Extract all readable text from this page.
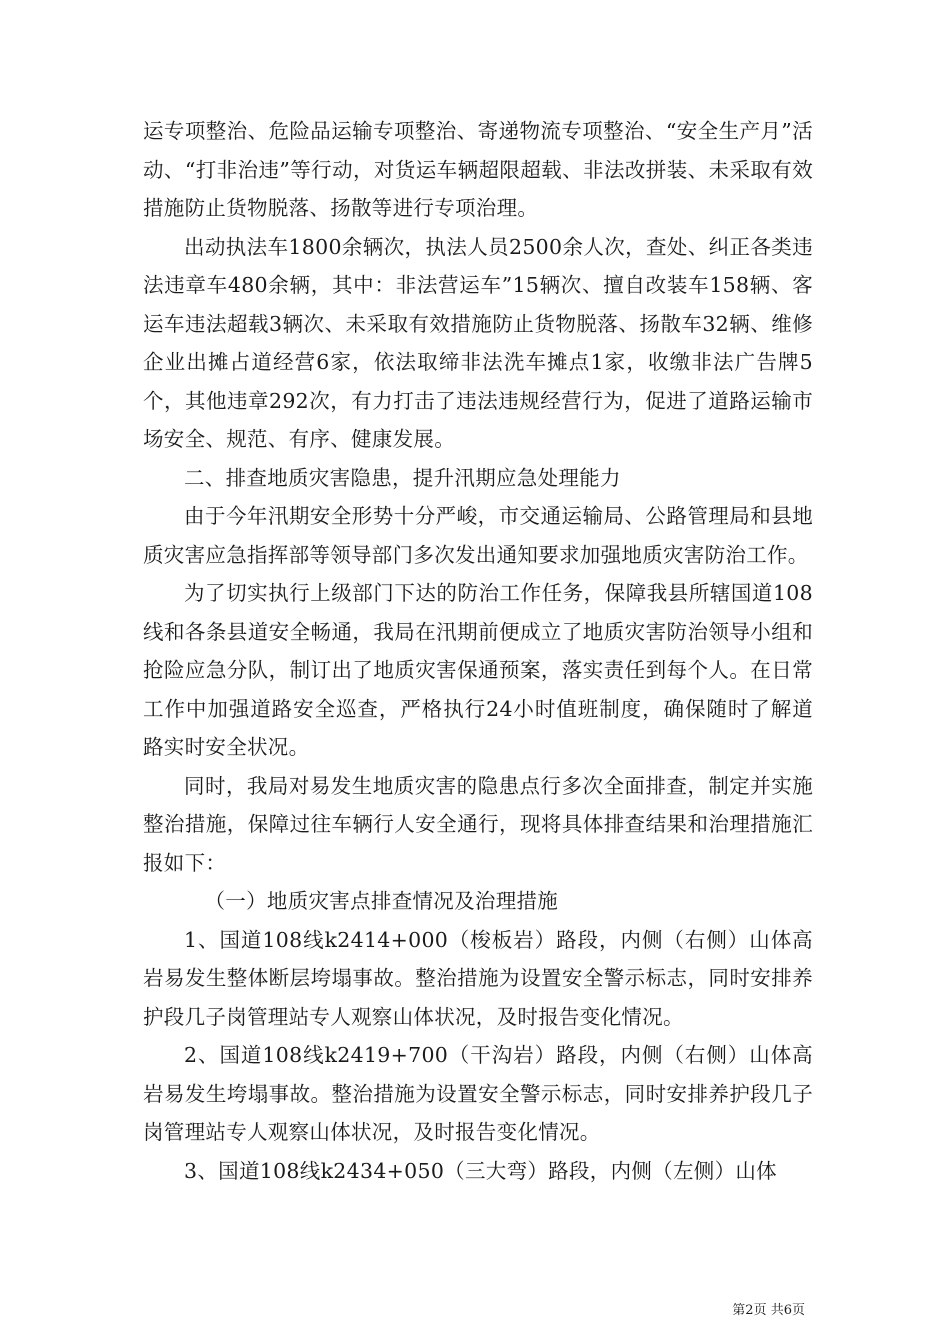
运专项整治、危险品运输专项整治、寄递物流专项整治、“安全生产月”活动、“打非治违”等行动，对货运车辆超限超载、非法改拼装、未采取有效措施防止货物脱落、扬散等进行专项治理。

出动执法车1800余辆次，执法人员2500余人次，查处、纠正各类违法违章车480余辆，其中：非法营运车”15辆次、擅自改装车158辆、客运车违法超载3辆次、未采取有效措施防止货物脱落、扬散车32辆、维修企业出摊占道经营6家，依法取缔非法洗车摊点1家，收缴非法广告牌5个，其他违章292次，有力打击了违法违规经营行为，促进了道路运输市场安全、规范、有序、健康发展。

二、排查地质灾害隐患，提升汛期应急处理能力

由于今年汛期安全形势十分严峻，市交通运输局、公路管理局和县地质灾害应急指挥部等领导部门多次发出通知要求加强地质灾害防治工作。

为了切实执行上级部门下达的防治工作任务，保障我县所辖国道108线和各条县道安全畅通，我局在汛期前便成立了地质灾害防治领导小组和抢险应急分队，制订出了地质灾害保通预案，落实责任到每个人。在日常工作中加强道路安全巡查，严格执行24小时值班制度，确保随时了解道路实时安全状况。

同时，我局对易发生地质灾害的隐患点行多次全面排查，制定并实施整治措施，保障过往车辆行人安全通行，现将具体排查结果和治理措施汇报如下：

（一）地质灾害点排查情况及治理措施

1、国道108线k2414+000（梭板岩）路段，内侧（右侧）山体高岩易发生整体断层垮塌事故。整治措施为设置安全警示标志，同时安排养护段几子岗管理站专人观察山体状况，及时报告变化情况。

2、国道108线k2419+700（干沟岩）路段，内侧（右侧）山体高岩易发生垮塌事故。整治措施为设置安全警示标志，同时安排养护段几子岗管理站专人观察山体状况，及时报告变化情况。

3、国道108线k2434+050（三大弯）路段，内侧（左侧）山体

第2页 共6页
